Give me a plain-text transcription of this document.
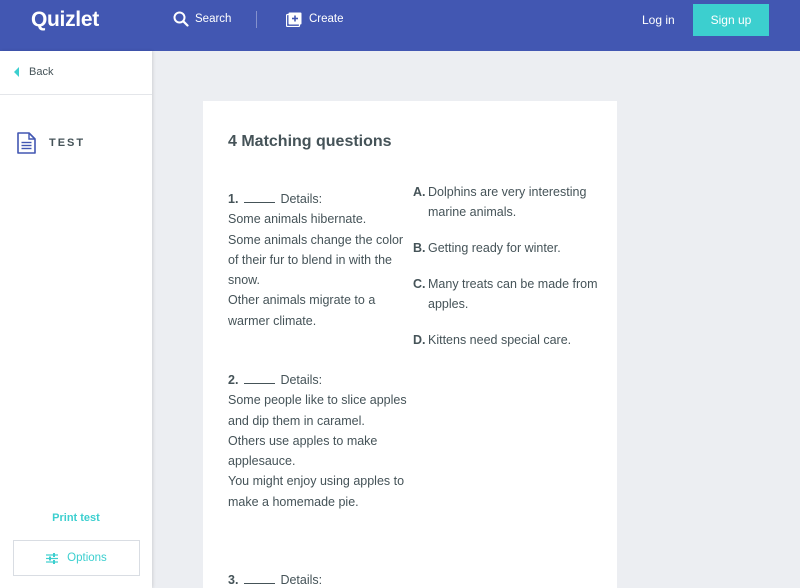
Quizlet	Search	Create	Log in	Sign up
Back
TEST
Print test
Options
4 Matching questions
1.	Details:
Some animals hibernate.
Some animals change the color of their fur to blend in with the snow.
Other animals migrate to a warmer climate.
2.	Details:
Some people like to slice apples and dip them in caramel.
Others use apples to make applesauce.
You might enjoy using apples to make a homemade pie.
3.	Details:
A. Dolphins are very interesting marine animals.
B. Getting ready for winter.
C. Many treats can be made from apples.
D. Kittens need special care.
